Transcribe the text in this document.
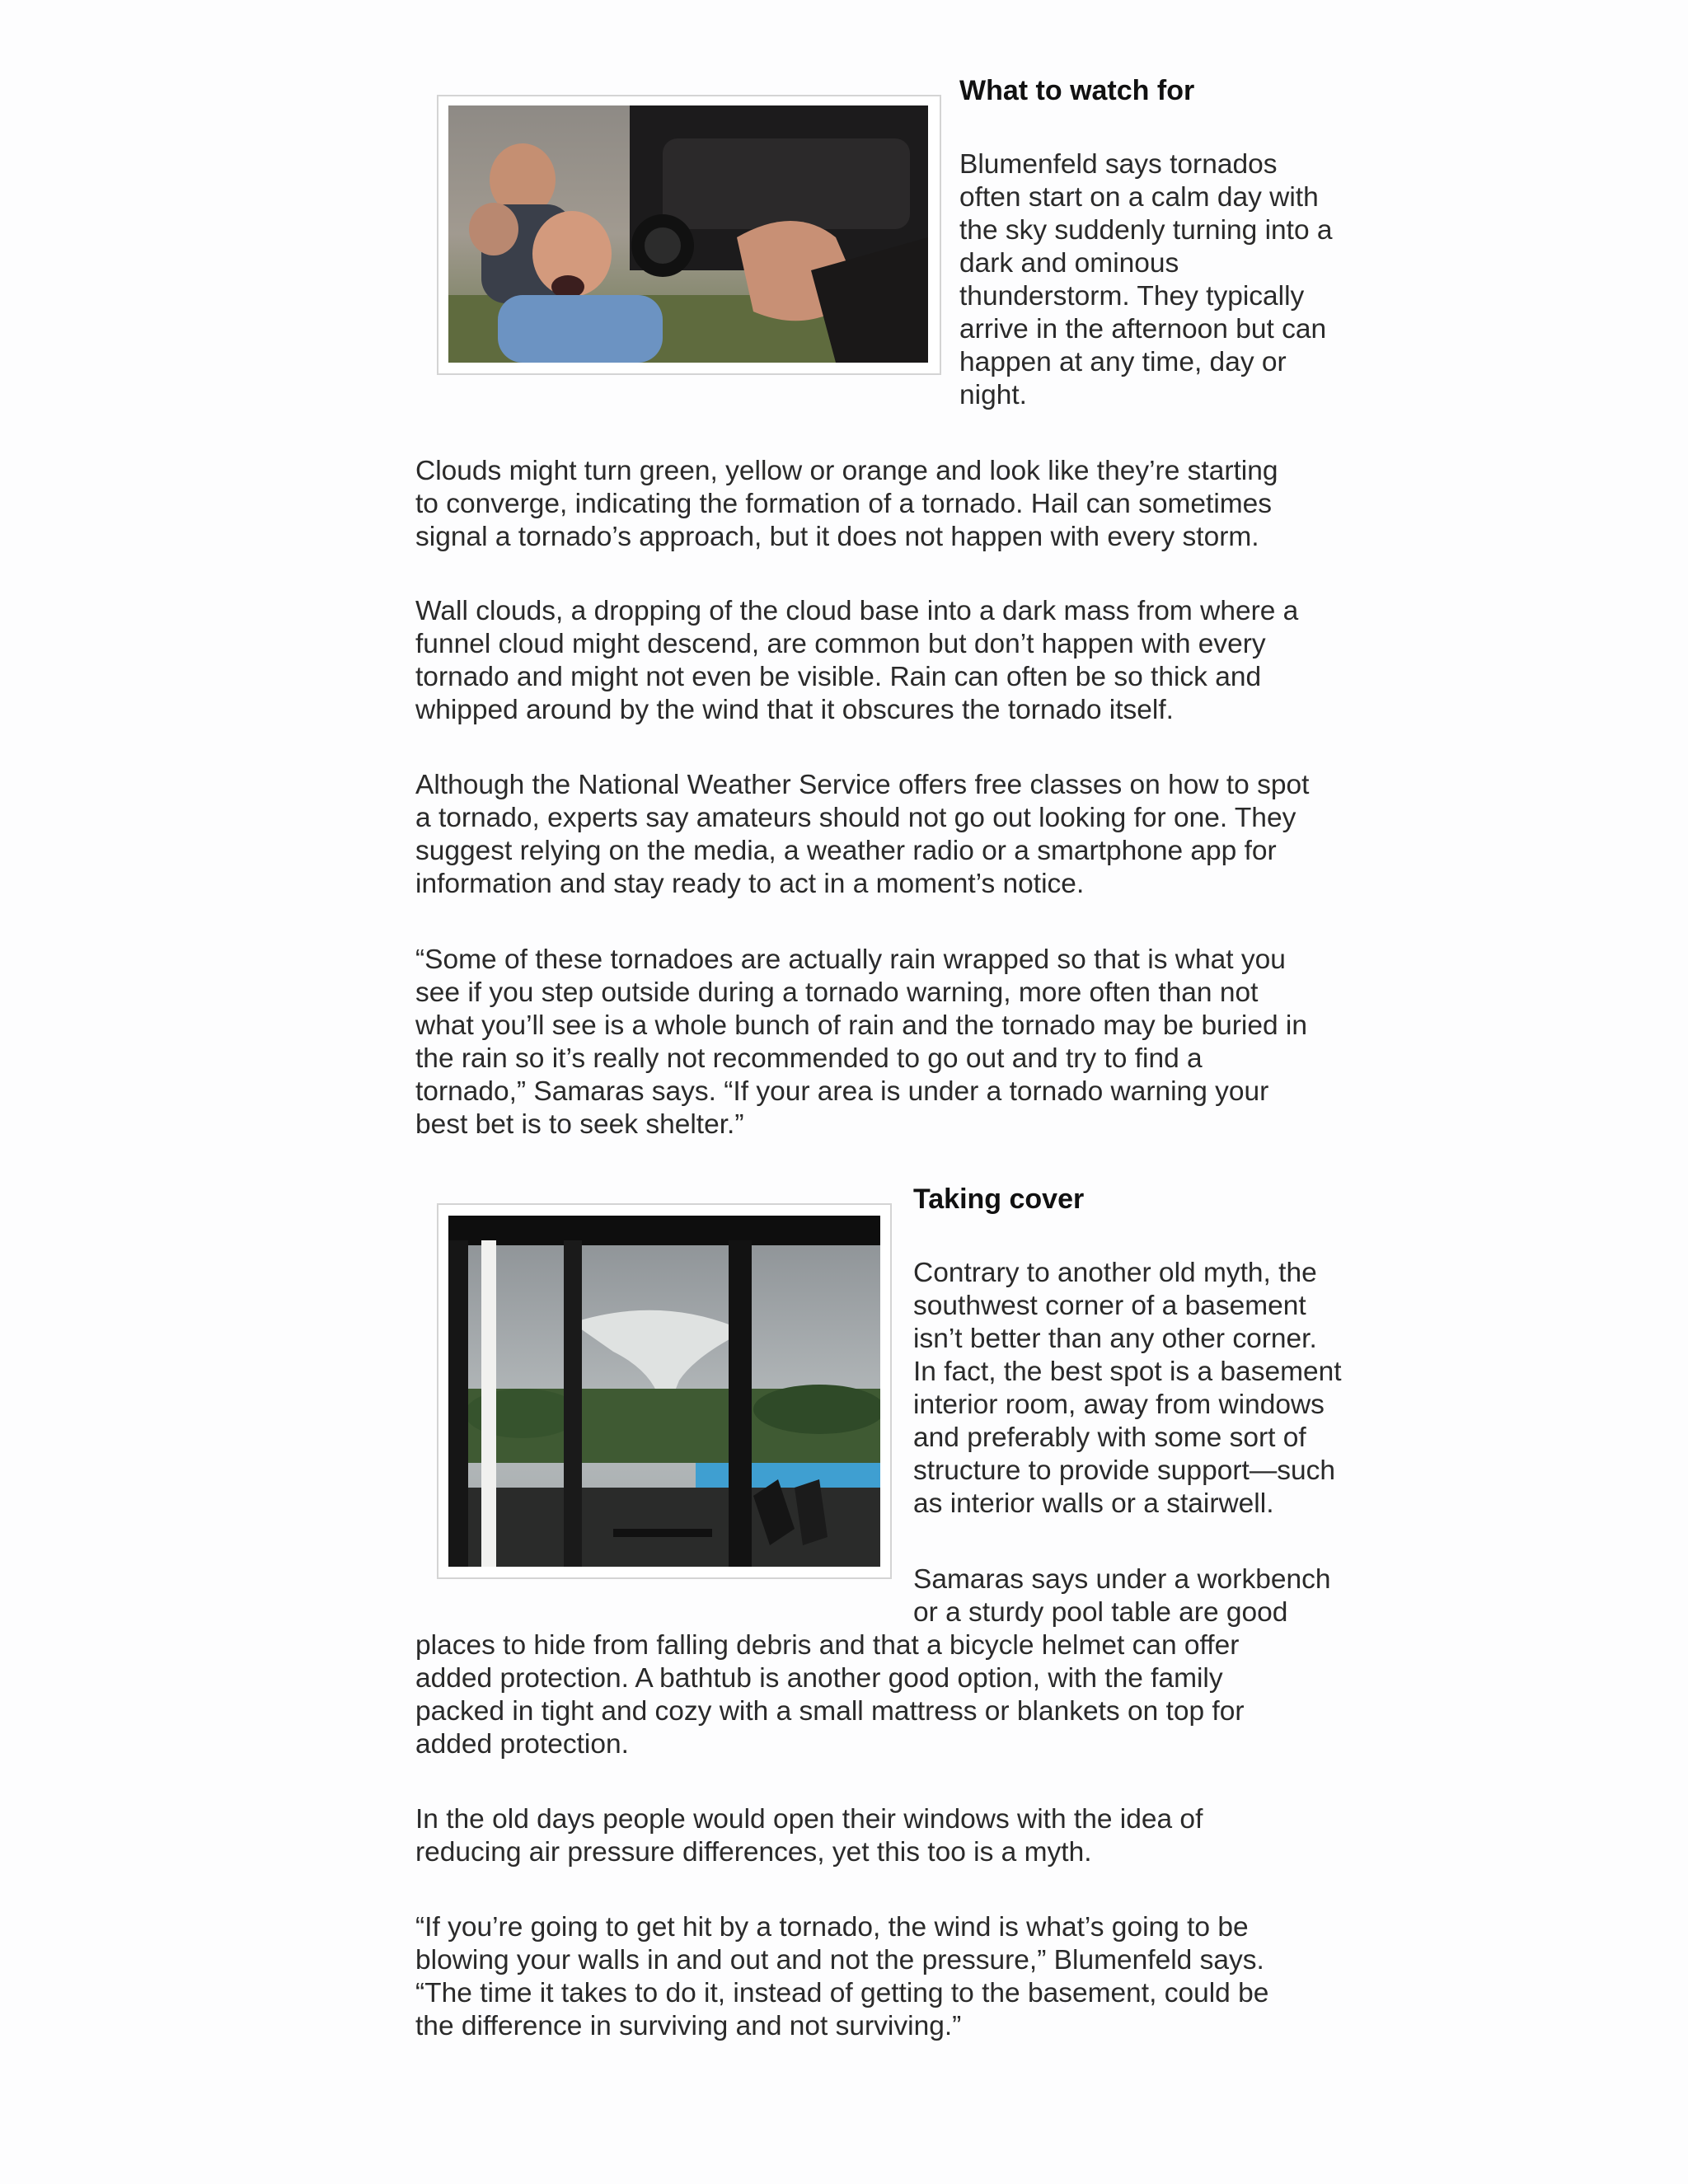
What to watch for
Blumenfeld says tornados
often start on a calm day with
the sky suddenly turning into a
dark and ominous
thunderstorm. They typically
arrive in the afternoon but can
happen at any time, day or
night.
Clouds might turn green, yellow or orange and look like they’re starting
to converge, indicating the formation of a tornado. Hail can sometimes
signal a tornado’s approach, but it does not happen with every storm.
Wall clouds, a dropping of the cloud base into a dark mass from where a
funnel cloud might descend, are common but don’t happen with every
tornado and might not even be visible. Rain can often be so thick and
whipped around by the wind that it obscures the tornado itself.
Although the National Weather Service offers free classes on how to spot
a tornado, experts say amateurs should not go out looking for one. They
suggest relying on the media, a weather radio or a smartphone app for
information and stay ready to act in a moment’s notice.
“Some of these tornadoes are actually rain wrapped so that is what you
see if you step outside during a tornado warning, more often than not
what you’ll see is a whole bunch of rain and the tornado may be buried in
the rain so it’s really not recommended to go out and try to find a
tornado,” Samaras says. “If your area is under a tornado warning your
best bet is to seek shelter.”
Taking cover
Contrary to another old myth, the
southwest corner of a basement
isn’t better than any other corner.
In fact, the best spot is a basement
interior room, away from windows
and preferably with some sort of
structure to provide support—such
as interior walls or a stairwell.
Samaras says under a workbench
or a sturdy pool table are good
places to hide from falling debris and that a bicycle helmet can offer
added protection. A bathtub is another good option, with the family
packed in tight and cozy with a small mattress or blankets on top for
added protection.
In the old days people would open their windows with the idea of
reducing air pressure differences, yet this too is a myth.
“If you’re going to get hit by a tornado, the wind is what’s going to be
blowing your walls in and out and not the pressure,” Blumenfeld says.
“The time it takes to do it, instead of getting to the basement, could be
the difference in surviving and not surviving.”
